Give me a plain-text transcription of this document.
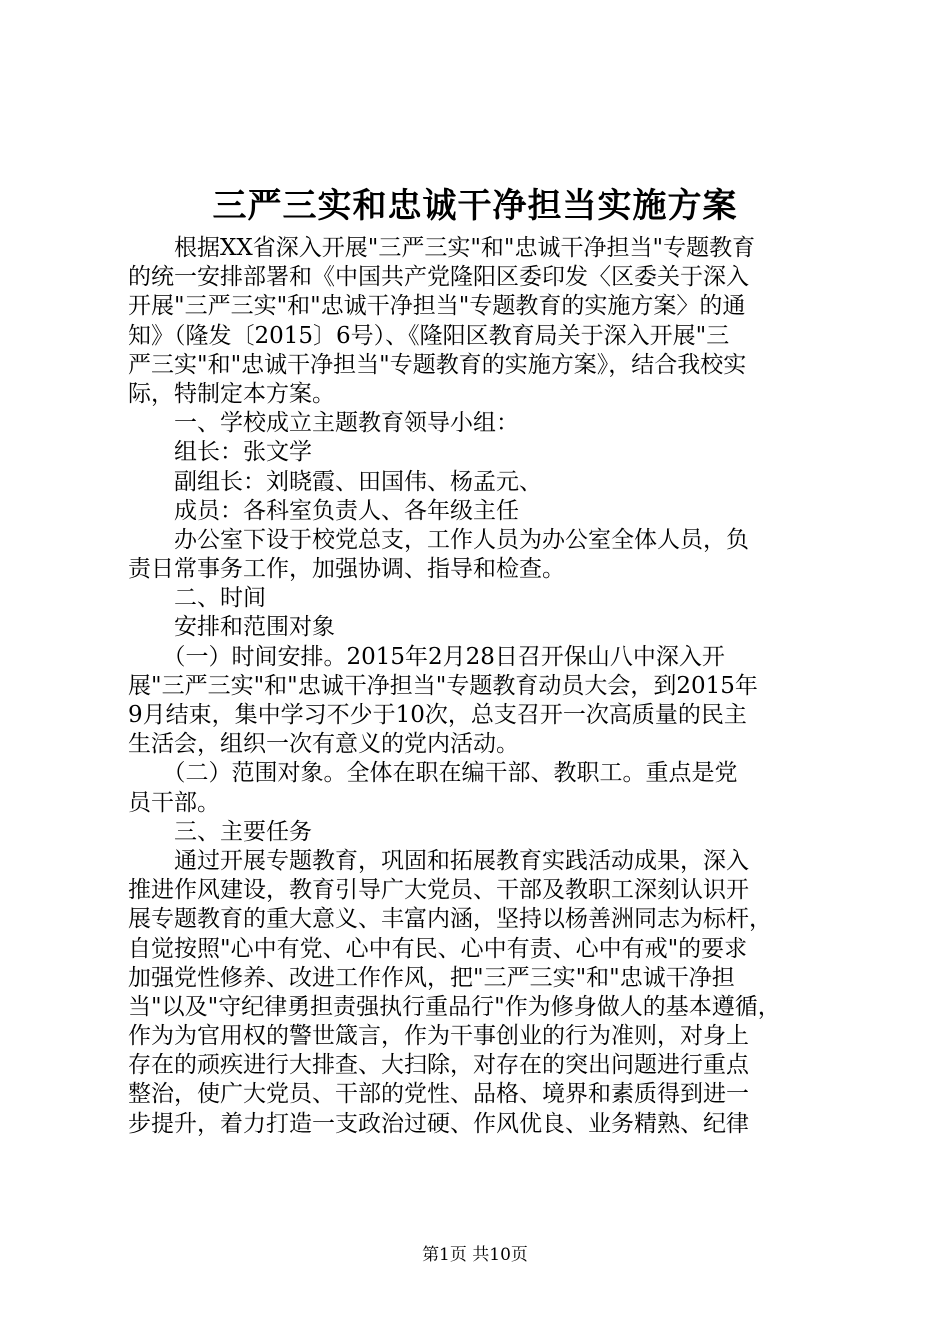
三严三实和忠诚干净担当实施方案
　　根据XX省深入开展"三严三实"和"忠诚干净担当"专题教育
的统一安排部署和《中国共产党隆阳区委印发〈区委关于深入
开展"三严三实"和"忠诚干净担当"专题教育的实施方案〉的通
知》（隆发〔2015〕6号）、《隆阳区教育局关于深入开展"三
严三实"和"忠诚干净担当"专题教育的实施方案》，结合我校实
际，特制定本方案。
　　一、学校成立主题教育领导小组：
　　组长：张文学
　　副组长：刘晓霞、田国伟、杨孟元、
　　成员：各科室负责人、各年级主任
　　办公室下设于校党总支，工作人员为办公室全体人员，负
责日常事务工作，加强协调、指导和检查。
　　二、时间
　　安排和范围对象
　　（一）时间安排。2015年2月28日召开保山八中深入开
展"三严三实"和"忠诚干净担当"专题教育动员大会，到2015年
9月结束，集中学习不少于10次，总支召开一次高质量的民主
生活会，组织一次有意义的党内活动。
　　（二）范围对象。全体在职在编干部、教职工。重点是党
员干部。
　　三、主要任务
　　通过开展专题教育，巩固和拓展教育实践活动成果，深入
推进作风建设，教育引导广大党员、干部及教职工深刻认识开
展专题教育的重大意义、丰富内涵，坚持以杨善洲同志为标杆，
自觉按照"心中有党、心中有民、心中有责、心中有戒"的要求
加强党性修养、改进工作作风，把"三严三实"和"忠诚干净担
当"以及"守纪律勇担责强执行重品行"作为修身做人的基本遵循，
作为为官用权的警世箴言，作为干事创业的行为准则，对身上
存在的顽疾进行大排查、大扫除，对存在的突出问题进行重点
整治，使广大党员、干部的党性、品格、境界和素质得到进一
步提升，着力打造一支政治过硬、作风优良、业务精熟、纪律
第1页 共10页
